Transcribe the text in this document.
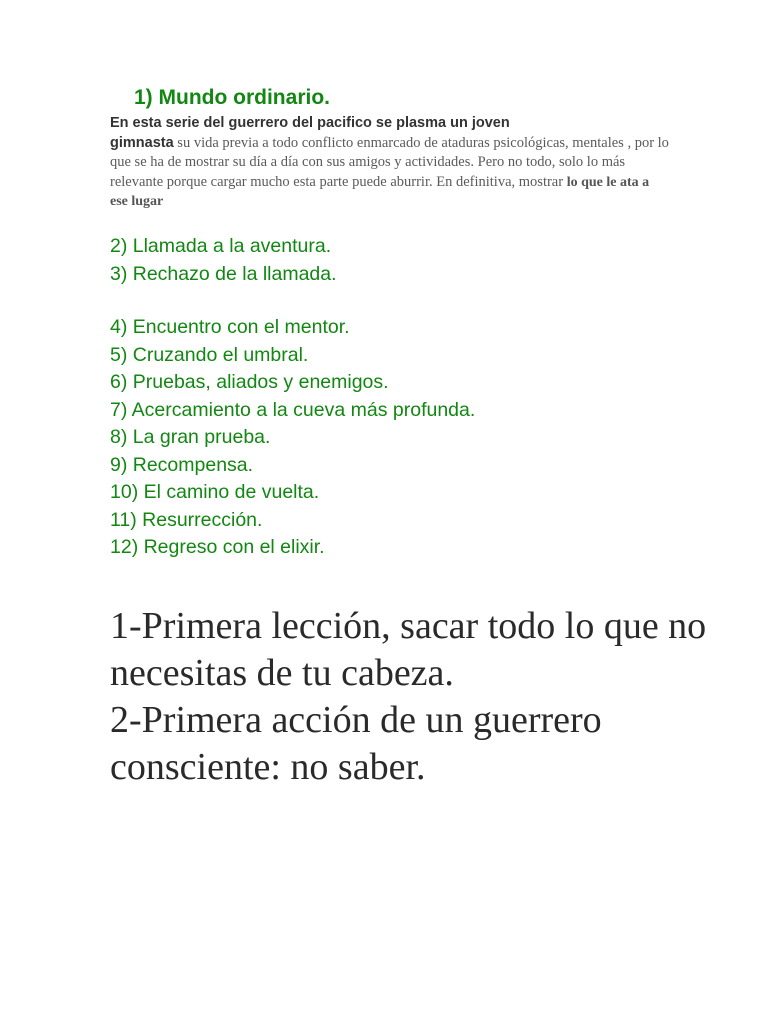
1) Mundo ordinario.

En esta serie del guerrero del pacifico se plasma un joven
gimnasta su vida previa a todo conflicto enmarcado de ataduras psicológicas, mentales , por lo que se ha de mostrar su día a día con sus amigos y actividades. Pero no todo, solo lo más relevante porque cargar mucho esta parte puede aburrir. En definitiva, mostrar lo que le ata a ese lugar

2) Llamada a la aventura.
3) Rechazo de la llamada.
4) Encuentro con el mentor.
5) Cruzando el umbral.
6) Pruebas, aliados y enemigos.
7) Acercamiento a la cueva más profunda.
8) La gran prueba.
9) Recompensa.
10) El camino de vuelta.
11) Resurrección.
12) Regreso con el elixir.
1-Primera lección, sacar todo lo que no necesitas de tu cabeza.
2-Primera acción de un guerrero consciente: no saber.
